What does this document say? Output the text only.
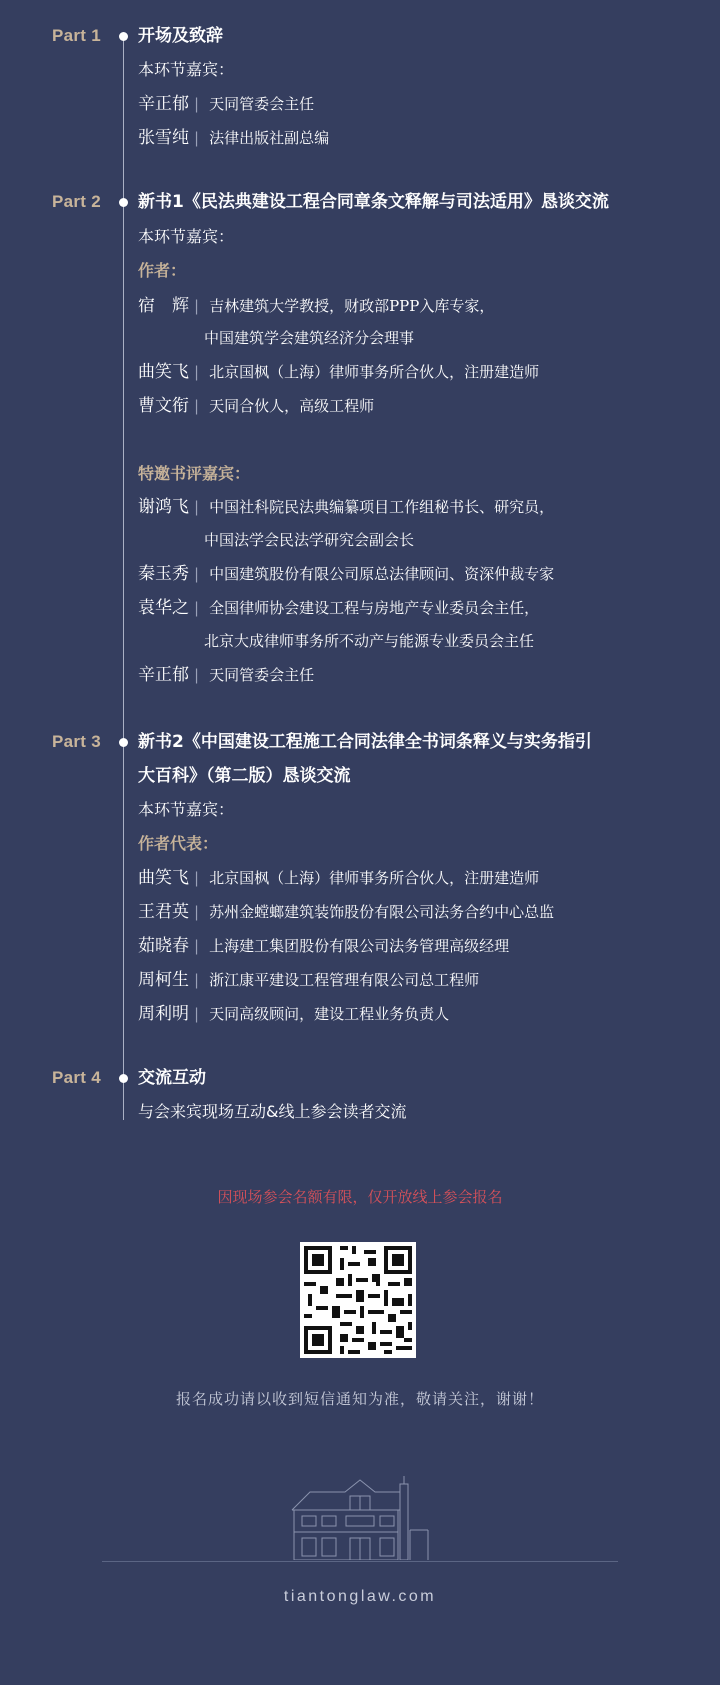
Part 1	开场及致辞
本环节嘉宾：
辛正郁 | 天同管委会主任
张雪纯 | 法律出版社副总编
Part 2	新书1《民法典建设工程合同章条文释解与司法适用》恳谈交流
本环节嘉宾：
作者：
宿　辉 | 吉林建筑大学教授，财政部PPP入库专家，
中国建筑学会建筑经济分会理事
曲笑飞 | 北京国枫（上海）律师事务所合伙人，注册建造师
曹文衔 | 天同合伙人，高级工程师
特邀书评嘉宾：
谢鸿飞 | 中国社科院民法典编纂项目工作组秘书长、研究员，
中国法学会民法学研究会副会长
秦玉秀 | 中国建筑股份有限公司原总法律顾问、资深仲裁专家
袁华之 | 全国律师协会建设工程与房地产专业委员会主任，
北京大成律师事务所不动产与能源专业委员会主任
辛正郁 | 天同管委会主任
Part 3	新书2《中国建设工程施工合同法律全书词条释义与实务指引
大百科》（第二版）恳谈交流
本环节嘉宾：
作者代表：
曲笑飞 | 北京国枫（上海）律师事务所合伙人，注册建造师
王君英 | 苏州金螳螂建筑装饰股份有限公司法务合约中心总监
茹晓春 | 上海建工集团股份有限公司法务管理高级经理
周柯生 | 浙江康平建设工程管理有限公司总工程师
周利明 | 天同高级顾问，建设工程业务负责人
Part 4	交流互动
与会来宾现场互动&线上参会读者交流
因现场参会名额有限，仅开放线上参会报名
报名成功请以收到短信通知为准，敬请关注，谢谢！
tiantonglaw.com
